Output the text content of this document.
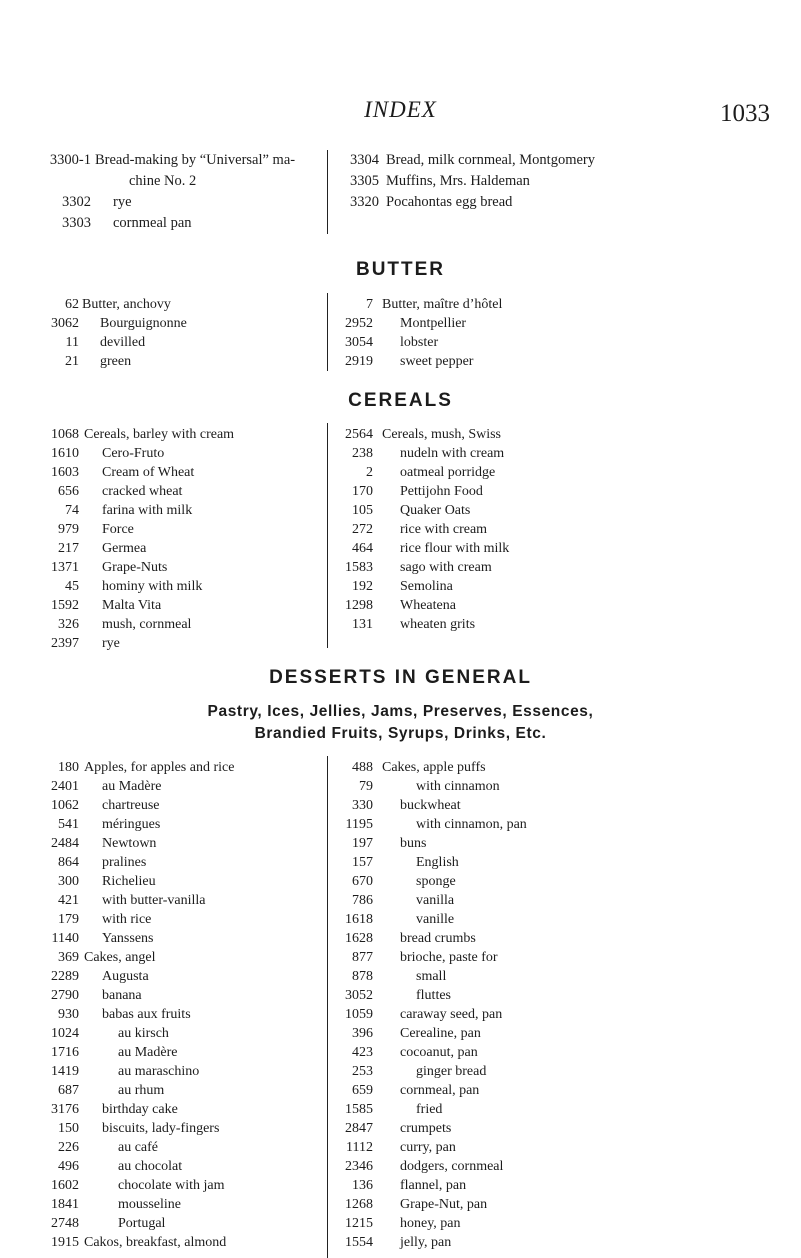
INDEX	1033
3300-1 Bread-making by “Universal” ma-
chine No. 2
3302 rye
3303 cornmeal pan
3304 Bread, milk cornmeal, Montgomery
3305 Muffins, Mrs. Haldeman
3320 Pocahontas egg bread
BUTTER
62 Butter, anchovy
3062 Bourguignonne
11 devilled
21 green
7 Butter, maître d’hôtel
2952 Montpellier
3054 lobster
2919 sweet pepper
CEREALS
1068 Cereals, barley with cream
1610 Cero-Fruto
1603 Cream of Wheat
656 cracked wheat
74 farina with milk
979 Force
217 Germea
1371 Grape-Nuts
45 hominy with milk
1592 Malta Vita
326 mush, cornmeal
2397 rye
2564 Cereals, mush, Swiss
238 nudeln with cream
2 oatmeal porridge
170 Pettijohn Food
105 Quaker Oats
272 rice with cream
464 rice flour with milk
1583 sago with cream
192 Semolina
1298 Wheatena
131 wheaten grits
DESSERTS IN GENERAL
Pastry, Ices, Jellies, Jams, Preserves, Essences,
Brandied Fruits, Syrups, Drinks, Etc.
180 Apples, for apples and rice
2401 au Madère
1062 chartreuse
541 méringues
2484 Newtown
864 pralines
300 Richelieu
421 with butter-vanilla
179 with rice
1140 Yanssens
369 Cakes, angel
2289 Augusta
2790 banana
930 babas aux fruits
1024	au kirsch
1716	au Madère
1419	au maraschino
687	au rhum
3176 birthday cake
150 biscuits, lady-fingers
226	au café
496	au chocolat
1602	chocolate with jam
1841	mousseline
2748	Portugal
1915 Cakos, breakfast, almond
488 Cakes, apple puffs
79	with cinnamon
330 buckwheat
1195	with cinnamon, pan
197 buns
157	English
670	sponge
786	vanilla
1618	vanille
1628 bread crumbs
877 brioche, paste for
878	small
3052	fluttes
1059 caraway seed, pan
396 Cerealine, pan
423 cocoanut, pan
253	ginger bread
659 cornmeal, pan
1585	fried
2847 crumpets
1112 curry, pan
2346 dodgers, cornmeal
136 flannel, pan
1268 Grape-Nut, pan
1215 honey, pan
1554 jelly, pan
